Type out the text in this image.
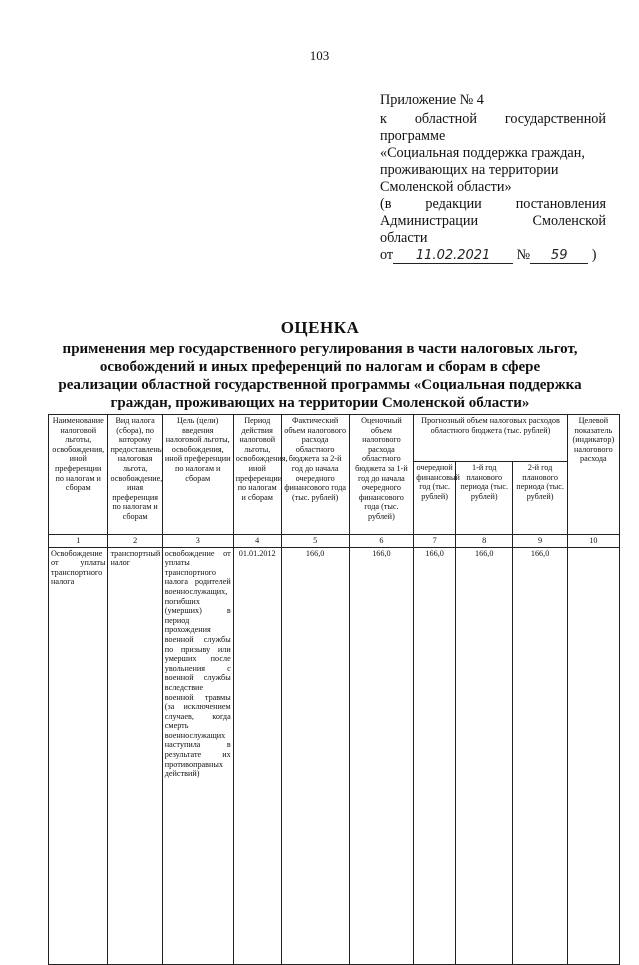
103
Приложение № 4
к областной государственной
программе
«Социальная поддержка граждан,
проживающих на территории
Смоленской области»
(в редакции постановления
Администрации Смоленской
области
от 11.02.2021 № 59 )
ОЦЕНКА
применения мер государственного регулирования в части налоговых льгот,
освобождений и иных преференций по налогам и сборам в сфере
реализации областной государственной программы «Социальная поддержка
граждан, проживающих на территории Смоленской области»
Наименование налоговой льготы, освобождения, иной преференции по налогам и сборам	Вид налога (сбора), по которому предоставлены налоговая льгота, освобождение, иная преференция по налогам и сборам	Цель (цели) введения налоговой льготы, освобождения, иной преференции по налогам и сборам	Период действия налоговой льготы, освобождения, иной преференции по налогам и сборам	Фактический объем налогового расхода областного бюджета за 2-й год до начала очередного финансового года (тыс. рублей)	Оценочный объем налогового расхода областного бюджета за 1-й год до начала очередного финансового года (тыс. рублей)	Прогнозный объем налоговых расходов областного бюджета (тыс. рублей)			Целевой показатель (индикатор) налогового расхода
						очередной финансовый год (тыс. рублей)	1-й год планового периода (тыс. рублей)	2-й год планового периода (тыс. рублей)	
1	2	3	4	5	6	7	8	9	10
Освобождение от уплаты транспортного налога	транспортный налог	освобождение от уплаты транспортного налога родителей военнослужащих, погибших (умерших) в период прохождения военной службы по призыву или умерших после увольнения с военной службы вследствие военной травмы (за исключением случаев, когда смерть военнослужащих наступила в результате их противоправных действий)	01.01.2012	166,0	166,0	166,0	166,0	166,0	
